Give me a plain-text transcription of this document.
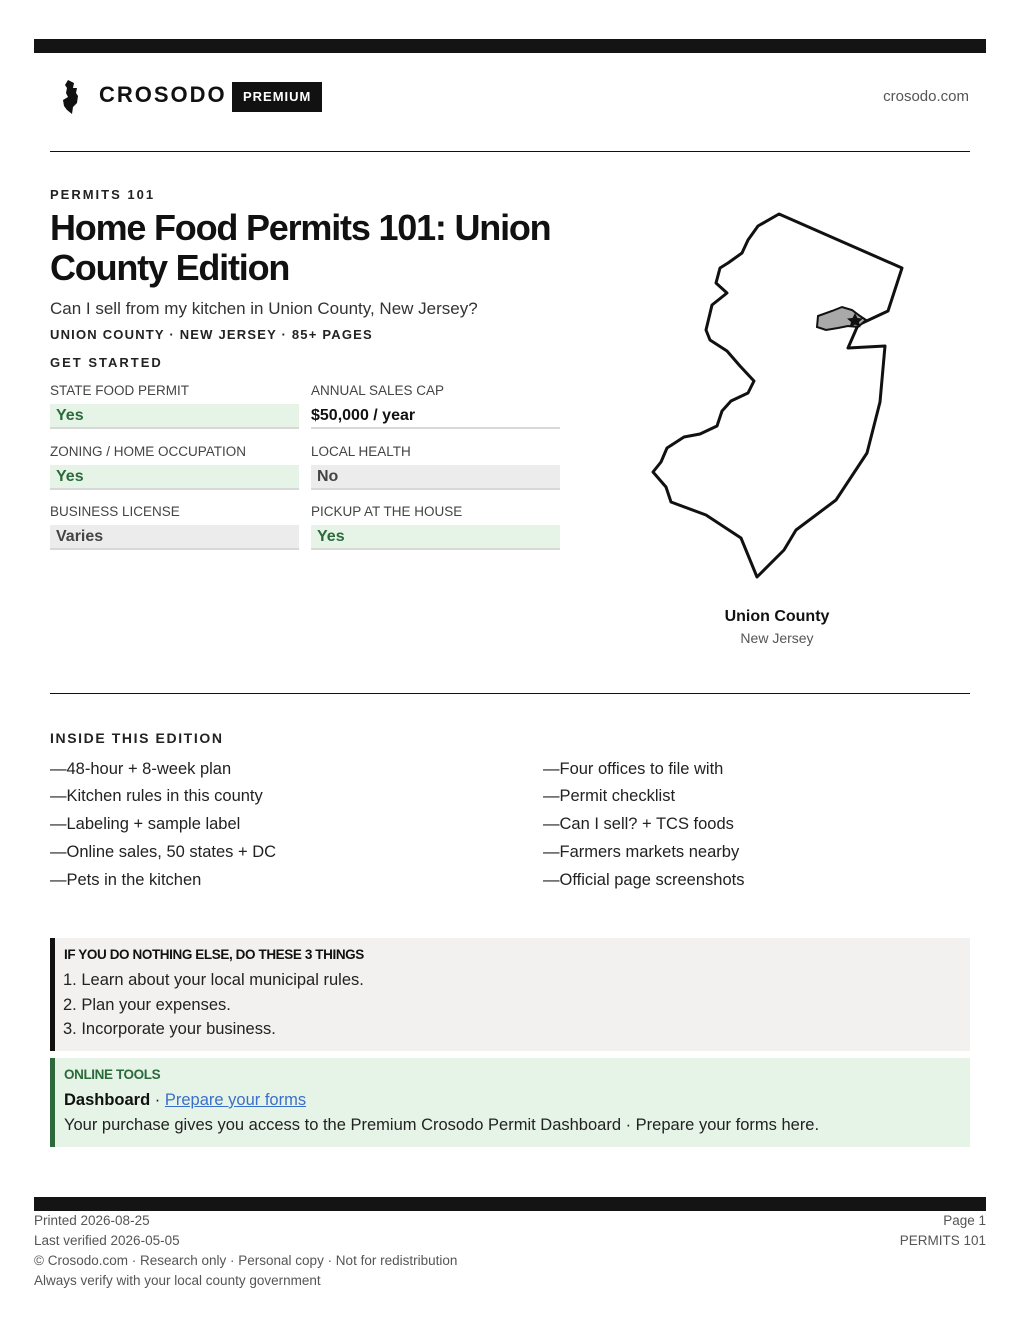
CROSODO	PREMIUM	crosodo.com
PERMITS 101
Home Food Permits 101: Union County Edition
Can I sell from my kitchen in Union County, New Jersey?
UNION COUNTY · NEW JERSEY · 85+ PAGES
GET STARTED
STATE FOOD PERMIT
Yes
ANNUAL SALES CAP
$50,000 / year
ZONING / HOME OCCUPATION
Yes
LOCAL HEALTH
No
BUSINESS LICENSE
Varies
PICKUP AT THE HOUSE
Yes
Union County
New Jersey
INSIDE THIS EDITION
—48-hour + 8-week plan
—Kitchen rules in this county
—Labeling + sample label
—Online sales, 50 states + DC
—Pets in the kitchen
—Four offices to file with
—Permit checklist
—Can I sell? + TCS foods
—Farmers markets nearby
—Official page screenshots
IF YOU DO NOTHING ELSE, DO THESE 3 THINGS
1. Learn about your local municipal rules.
2. Plan your expenses.
3. Incorporate your business.
ONLINE TOOLS
Dashboard · Prepare your forms
Your purchase gives you access to the Premium Crosodo Permit Dashboard · Prepare your forms here.
Printed 2026-08-25
Last verified 2026-05-05
© Crosodo.com · Research only · Personal copy · Not for redistribution
Always verify with your local county government
Page 1
PERMITS 101
